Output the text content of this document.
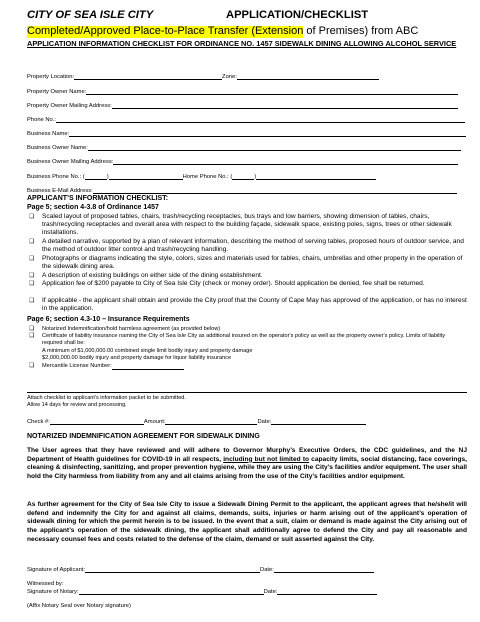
CITY OF SEA ISLE CITY	APPLICATION/CHECKLIST
Completed/Approved Place-to-Place Transfer (Extension of Premises) from ABC
APPLICATION INFORMATION CHECKLIST FOR ORDINANCE NO. 1457 SIDEWALK DINING ALLOWING ALCOHOL SERVICE
Property Location:	Zone:
Property Owner Name:
Property Owner Mailing Address:
Phone No.:
Business Name:
Business Owner Name:
Business Owner Mailing Address:
Business Phone No.: (	)	Home Phone No.: (	)
Business E-Mail Address:
APPLICANT’S INFORMATION CHECKLIST:
Page 5; section 4-3.8 of Ordinance 1457
❏ Scaled layout of proposed tables, chairs, trash/recycling receptacles, bus trays and low barriers, showing dimension of tables, chairs, trash/recycling receptacles and overall area with respect to the building façade, sidewalk space, existing poles, signs, trees or other sidewalk installations.
❏ A detailed narrative, supported by a plan of relevant information, describing the method of serving tables, proposed hours of outdoor service, and the method of outdoor litter control and trash/recycling handling.
❏ Photographs or diagrams indicating the style, colors, sizes and materials used for tables, chairs, umbrellas and other property in the operation of the sidewalk dining area.
❏ A description of existing buildings on either side of the dining establishment.
❏ Application fee of $200 payable to City of Sea Isle City (check or money order). Should application be denied, fee shall be returned.
❏ If applicable - the applicant shall obtain and provide the City proof that the County of Cape May has approved of the application, or has no interest in the application.
Page 6; section 4.3-10 – Insurance Requirements
❏ Notarized Indemnification/hold harmless agreement (as provided below)
❏ Certificate of liability insurance naming the City of Sea Isle City as additional insured on the operator's policy as well as the property owner's policy. Limits of liability required shall be:
A minimum of $1,000,000.00 combined single limit bodily injury and property damage
$2,000,000.00 bodily injury and property damage for liquor liability insurance
❏ Mercantile License Number:
Attach checklist to applicant’s information packet to be submitted.
Allow 14 days for review and processing.
Check #:	Amount:	Date:
NOTARIZED INDEMNIFICATION AGREEMENT FOR SIDEWALK DINING
The User agrees that they have reviewed and will adhere to Governor Murphy’s Executive Orders, the CDC guidelines, and the NJ Department of Health guidelines for COVID-19 in all respects, including but not limited to capacity limits, social distancing, face coverings, cleaning & disinfecting, sanitizing, and proper prevention hygiene, while they are using the City’s facilities and/or equipment. The user shall hold the City harmless from liability from any and all claims arising from the use of the City’s facilities and/or equipment.
As further agreement for the City of Sea Isle City to issue a Sidewalk Dining Permit to the applicant, the applicant agrees that he/she/it will defend and indemnify the City for and against all claims, demands, suits, injuries or harm arising out of the applicant’s operation of sidewalk dining for which the permit herein is to be issued. In the event that a suit, claim or demand is made against the City arising out of the applicant’s operation of the sidewalk dining, the applicant shall additionally agree to defend the City and pay all reasonable and necessary counsel fees and costs related to the defense of the claim, demand or suit asserted against the City.
Signature of Applicant:	Date:
Witnessed by:
Signature of Notary:	Date:
(Affix Notary Seal over Notary signature)
